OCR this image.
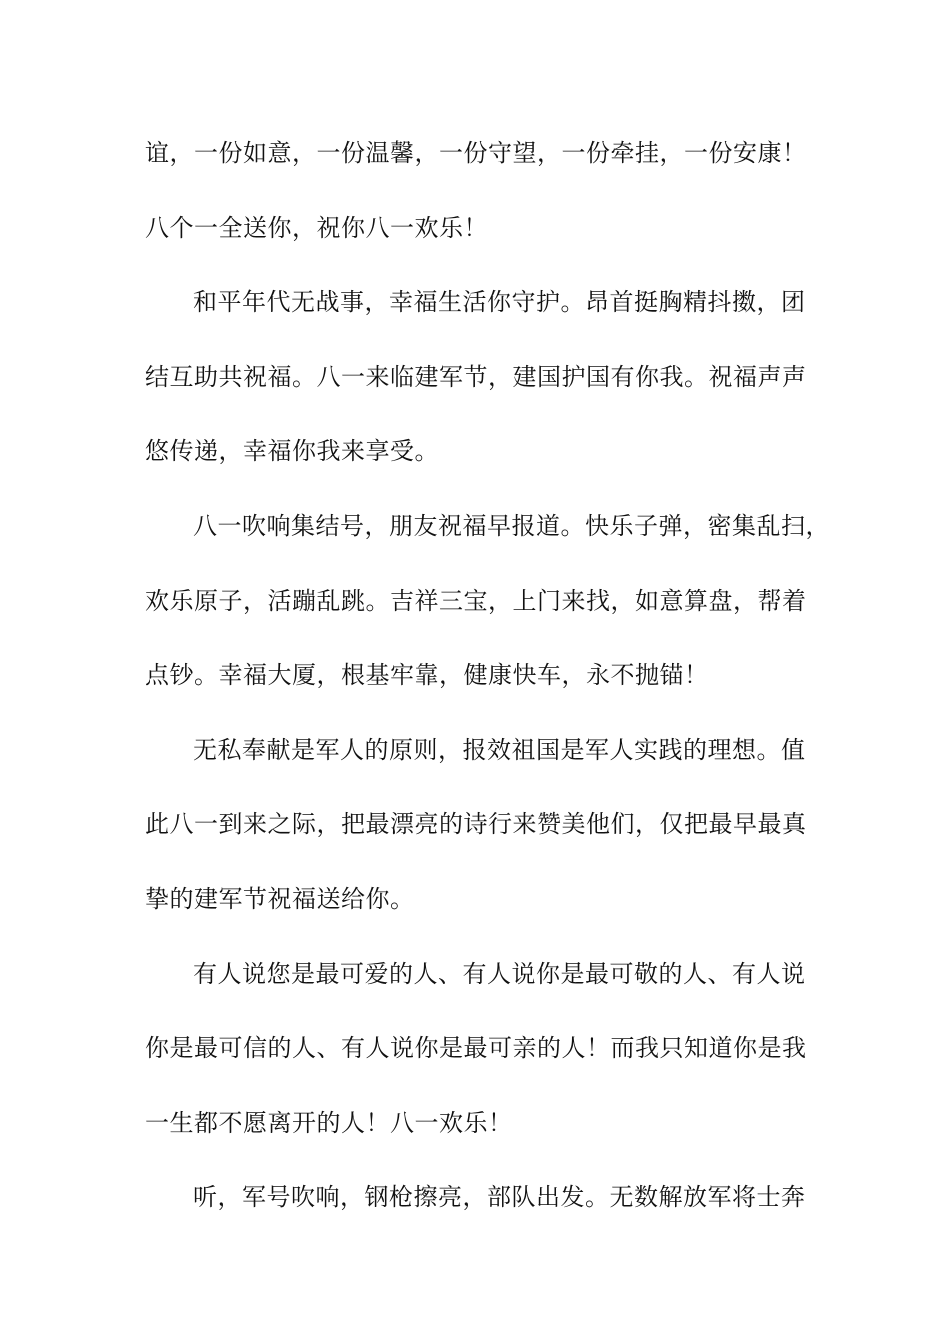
谊，一份如意，一份温馨，一份守望，一份牵挂，一份安康！
八个一全送你，祝你八一欢乐！
和平年代无战事，幸福生活你守护。昂首挺胸精抖擞，团
结互助共祝福。八一来临建军节，建国护国有你我。祝福声声
悠传递，幸福你我来享受。
八一吹响集结号，朋友祝福早报道。快乐子弹，密集乱扫，
欢乐原子，活蹦乱跳。吉祥三宝，上门来找，如意算盘，帮着
点钞。幸福大厦，根基牢靠，健康快车，永不抛锚！
无私奉献是军人的原则，报效祖国是军人实践的理想。值
此八一到来之际，把最漂亮的诗行来赞美他们，仅把最早最真
挚的建军节祝福送给你。
有人说您是最可爱的人、有人说你是最可敬的人、有人说
你是最可信的人、有人说你是最可亲的人！而我只知道你是我
一生都不愿离开的人！八一欢乐！
听，军号吹响，钢枪擦亮，部队出发。无数解放军将士奔
